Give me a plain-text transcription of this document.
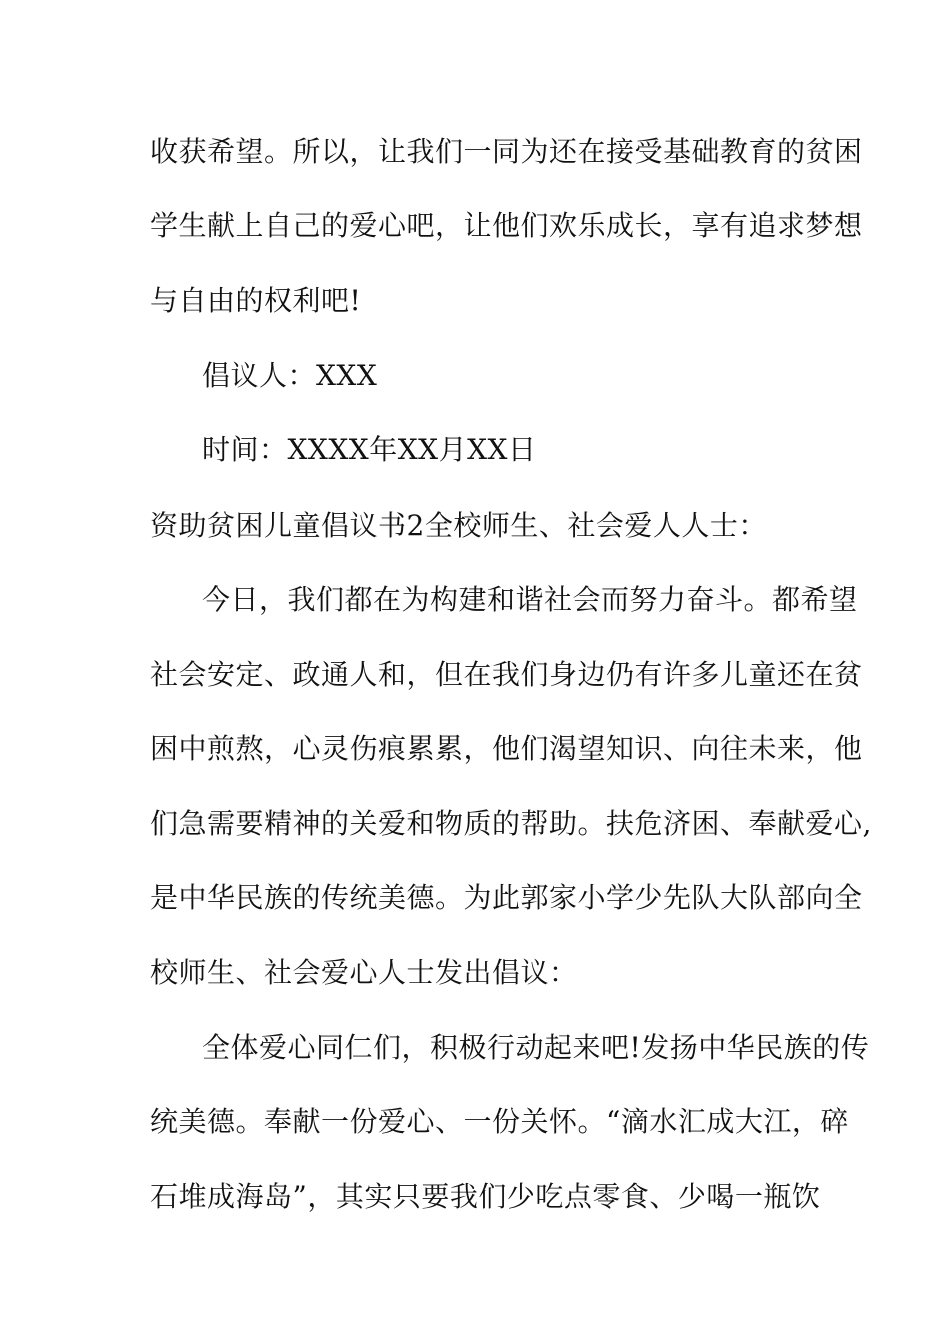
收获希望。所以，让我们一同为还在接受基础教育的贫困
学生献上自己的爱心吧，让他们欢乐成长，享有追求梦想
与自由的权利吧!
倡议人：XXX
时间：XXXX年XX月XX日
资助贫困儿童倡议书2全校师生、社会爱人人士：
今日，我们都在为构建和谐社会而努力奋斗。都希望
社会安定、政通人和，但在我们身边仍有许多儿童还在贫
困中煎熬，心灵伤痕累累，他们渴望知识、向往未来，他
们急需要精神的关爱和物质的帮助。扶危济困、奉献爱心,
是中华民族的传统美德。为此郭家小学少先队大队部向全
校师生、社会爱心人士发出倡议：
全体爱心同仁们，积极行动起来吧!发扬中华民族的传
统美德。奉献一份爱心、一份关怀。“滴水汇成大江，碎
石堆成海岛”，其实只要我们少吃点零食、少喝一瓶饮
